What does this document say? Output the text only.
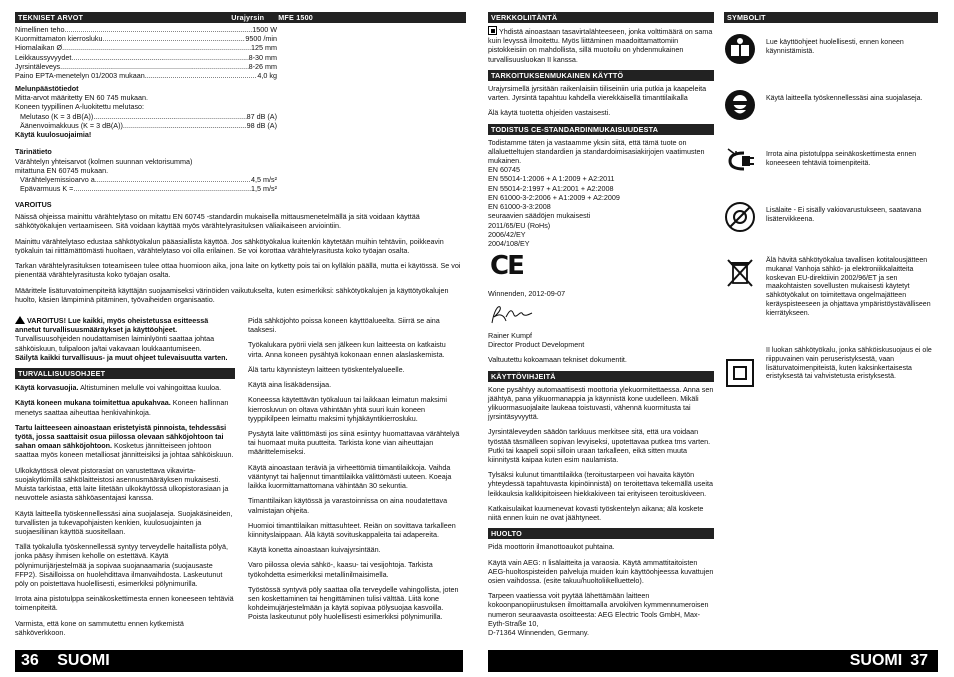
TEKNISET ARVOT	Urajyrsin MFE 1500
Nimellinen teho .....	1500 W
Kuormittamaton kierrosluku .....	9500 /min
Hiomalaikan Ø .....	125 mm
Leikkaussyvyydet .....	8-30 mm
Jyrsintäleveys .....	8-26 mm
Paino EPTA-menetelyn 01/2003 mukaan .....	4,0 kg
Melunpäästötiedot
Mitta-arvot määritetty EN 60 745 mukaan.
Koneen tyypillinen A-luokitettu melutaso:
Melutaso (K = 3 dB(A)) .....	87 dB (A)
Äänenvoimakkuus (K = 3 dB(A)) .....	98 dB (A)
Käytä kuulosuojaimia!
Tärinätieto
Värähtelyn yhteisarvot (kolmen suunnan vektorisumma)
mitattuna EN 60745 mukaan.
Värähtelyemissioarvo a .....	4,5 m/s²
Epävarmuus K = .....	1,5 m/s²
VAROITUS

Näissä ohjeissa mainittu värähtelytaso on mitattu EN 60745 -standardin mukaisella mittausmenetelmällä ja sitä voidaan käyttää sähkötyökalujen vertaamiseen. Sitä voidaan käyttää myös värähtelyrasituksen väliaikaiseen arviointiin.

Mainittu värähtelytaso edustaa sähkötyökalun pääasiallista käyttöä. Jos sähkötyökalua kuitenkin käytetään muihin tehtäviin, poikkeavin työkaluin tai riittämättömästi huoltaen, värähtelytaso voi olla erilainen. Se voi korottaa värähtelyrasitusta koko työajan osalta.

Tarkan värähtelyrasituksen toteamiseen tulee ottaa huomioon aika, jona laite on kytketty pois tai on kylläkin päällä, mutta ei käytössä. Se voi pienentää värähtelyrasitusta koko työajan osalta.

Määrittele lisäturvatoimenpiteitä käyttäjän suojaamiseksi värinöiden vaikutukselta, kuten esimerkiksi: sähkötyökalujen ja käyttötyökalujen huolto, käsien lämpiminä pitäminen, työvaiheiden organisaatio.

VAROITUS! Lue kaikki, myös oheistetussa esitteessä annetut turvallisuusmääräykset ja käyttöohjeet. Turvallisuusohjeiden noudattamisen laiminlyönti saattaa johtaa sähköiskuun, tulipaloon ja/tai vakavaan loukkaantumiseen.
Säilytä kaikki turvallisuus- ja muut ohjeet tulevaisuutta varten.

TURVALLISUUSOHJEET

Käytä korvasuojia. Altistuminen melulle voi vahingoittaa kuuloa.

Käytä koneen mukana toimitettua apukahvaa. Koneen hallinnan menetys saattaa aiheuttaa henkivahinkoja.

Tartu laitteeseen ainoastaan eristetyistä pinnoista, tehdessäsi työtä, jossa saattaisit osua piilossa olevaan sähköjohtoon tai sahan omaan sähköjohtoon. Kosketus jännitteiseen johtoon saattaa myös koneen metalliosat jännitteisiksi ja johtaa sähköiskuun.

Ulkokäytössä olevat pistorasiat on varustettava vikavirta-suojakytkimillä sähkölaitteistosi asennusmääräyksen mukaisesti. Muista tarkistaa, että laite liitetään ulkokäytössä ulkopistorasiaan ja neuvottele asiasta sähköasentajasi kanssa.

Käytä laitteella työskennellessäsi aina suojalaseja. Suojakäsineiden, turvallisten ja tukevapohjaisten kenkien, kuulosuojainten ja suojaesiliinan käyttöä suositellaan.

Tällä työkalulla työskennellessä syntyy terveydelle haitallista pölyä, jonka pääsy ihmisen keholle on estettävä. Käytä pölynimurijärjestelmää ja sopivaa suojanaamaria (suojausaste FFP2). Sisäilloissa on huolehdittava ilmanvaihdosta. Laskeutunut pöly on poistettava huolellisesti, esimerkiksi pölynimurilla.

Irrota aina pistotulppa seinäkosketti​mesta ennen koneeseen tehtäviä toimenpiteitä.

Varmista, että kone on sammutettu ennen kytkemistä sähköverkkoon.

Pidä sähköjohto poissa koneen käyttöalueelta. Siirrä se aina taaksesi.

Työkalukara pyörii vielä sen jälkeen kun laitteesta on katkaistu virta. Anna koneen pysähtyä kokonaan ennen alaslaskemista.

Älä tartu käynnisteyn laitteen työskentelyalueelle.

Käytä aina lisäkädensijaa.

Koneessa käytettävän työkaluun tai laikkaan leimatun maksimi kierrosluvun on oltava vähintään yhtä suuri kuin koneen tyyppikilpeen leimattu maksimi tyhjäkäyntikierrosluku.

Pysäytä laite välittömästi jos siinä esiintyy huomattavaa värähtelyä tai huomaat muita puutteita. Tarkista kone vian aiheuttajan määrittelemiseksi.

Käytä ainoastaan teräviä ja virheettömiä tiimantilaikkoja. Vaihda vääntynyt tai haljennut timanttilaikka välittömästi uuteen. Koeaja laikka kuormittamattomana vähintään 30 sekuntia.

Timanttilaikan käytössä ja varastoinnissa on aina noudatettava valmistajan ohjeita.

Huomioi timanttilaikan mittasuhteet. Reiän on sovittava tarkalleen kiinnityslaippaan. Älä käytä sovituskappaleita tai adapereita.

Käytä konetta ainoastaan kuivajyrsintään.

Varo piilossa olevia sähkö-, kaasu- tai vesijohtoja. Tarkista työkohdetta esimerkiksi metallinilmaisimella.

Työstössä syntyvä pöly saattaa olla terveydelle vahingollista, joten sen koskettaminen tai hengittäminen tulisi välttää. Liitä kone kohdeimujärjestelmään ja käytä sopivaa pölysuojaa kasvoilla. Poista laskeutunut pöly huolellisesti esimerkiksi pölynimurilla.

36 SUOMI
VERKKOLIITÄNTÄ

Yhdistä ainoastaan tasavirtalähteeseen, jonka volttimäärä on sama kuin levyssä ilmoitettu. Myös liittäminen maadoittamattomiin pistokkeisiin on mahdollista, sillä muotoilu on yhdenmukainen turvallisuusluokan II kanssa.

TARKOITUKSENMUKAINEN KÄYTTÖ

Urajyrsimellä jyrsitään raikenlaisiin tiiliseiniin uria putkia ja kaapeleita varten. Jyrsintä tapahtuu kahdella vierekkäisellä timanttilaikalla

Älä käytä tuotetta ohjeiden vastaisesti.

TODISTUS CE-STANDARDINMUKAISUUDESTA
Todistamme täten ja vastaamme yksin siitä, että tämä tuote on allaluetteltujen standardien ja standardoimisasiakirjojen vaatimusten mukainen.
EN 60745
EN 55014-1:2006 + A 1:2009 + A2:2011
EN 55014-2:1997 + A1:2001 + A2:2008
EN 61000-3-2:2006 + A1:2009 + A2:2009
EN 61000-3-3:2008
seuraavien säädöjen mukaisesti
2011/65/EU (RoHs)
2006/42/EY
2004/108/EY
CE
Winnenden, 2012-09-07
Rainer Kumpf
Director Product Development

Valtuutettu kokoamaan tekniset dokumentit.

KÄYTTÖVIHJEITÄ

Kone pysähtyy automaattisesti moottoria ylekuormitettaessa. Anna sen jäähtyä, pana ylikuormanappia ja käynnistä kone uudelleen. Mikäli ylikuormasuojalaite laukeaa toistuvasti, vähennä kuormitusta tai jyrsintäsyvyyttä.

Jyrsintäleveyden säädön tarkkuus merkitsee sitä, että ura voidaan työstää täsmälleen sopivan levyiseksi, upotettavaa putkea tms varten. Putki tai kaapeli sopii silloin uraan tarkalleen, eikä sitten muuta kiinnitystä kaipaa kuten esim naulamista.

Tylsäksi kulunut timanttilaikka (teroitustarpeen voi havaita käytön yhteydessä tapahtuvasta kipinöinnistä) on teroitettava tekemällä useita leikkauksia kalkkipitoiseen hiekkakiveen tai erityiseen teroituskiveen.

Katkaisulaikat kuumenevat kovasti työskentelyn aikana; älä koskete niitä ennen kuin ne ovat jäähtyneet.

HUOLTO

Pidä moottorin ilmanottoaukot puhtaina.

Käytä vain AEG: n lisälaitteita ja varaosia. Käytä ammattitaitoisten AEG-huoltospisteiden palveluja muiden kuin käyttöohjeessa kuvattujen osien vaihdossa. (esite takuu/huoltoliikelluettelo).

Tarpeen vaatiessa voit pyytää lähettämään laitteen kokoonpanopiirustuksen ilmoittamalla arvokilven kymmennumeroisen numeron seuraavasta osoitteesta: AEG Electric Tools GmbH, Max-Eyth-Straße 10,
D-71364 Winnenden, Germany.

SYMBOLIT
Lue käyttöohjeet huolellisesti, ennen koneen käynnistämistä.
Käytä laitteella työskennellessäsi aina suojalaseja.
Irrota aina pistotulppa seinäkoskettimesta ennen koneeseen tehtäviä toimenpiteitä.
Lisälaite - Ei sisälly vakiovarustukseen, saatavana lisätervikkeena.
Älä hävitä sähkötyökalua tavallisen kotitalousjätteen mukana! Vanhoja sähkö- ja elektroniikkalaitteita koskevan EU-direktiivin 2002/96/ET ja sen maakohtaisten sovellusten mukaisesti käytetyt sähkötyökalut on toimitettava ongelmajätteen keräyspisteeseen ja ohjattava ympäristöystävälliseen kierrätykseen.
II luokan sähkötyökalu, jonka sähköiskusuojaus ei ole riippuvainen vain peruseristyksestä, vaan lisäturvatoimenpiteistä, kuten kaksinkertaisesta eristyksestä tai vahvistetusta eristyksestä.
SUOMI 37
